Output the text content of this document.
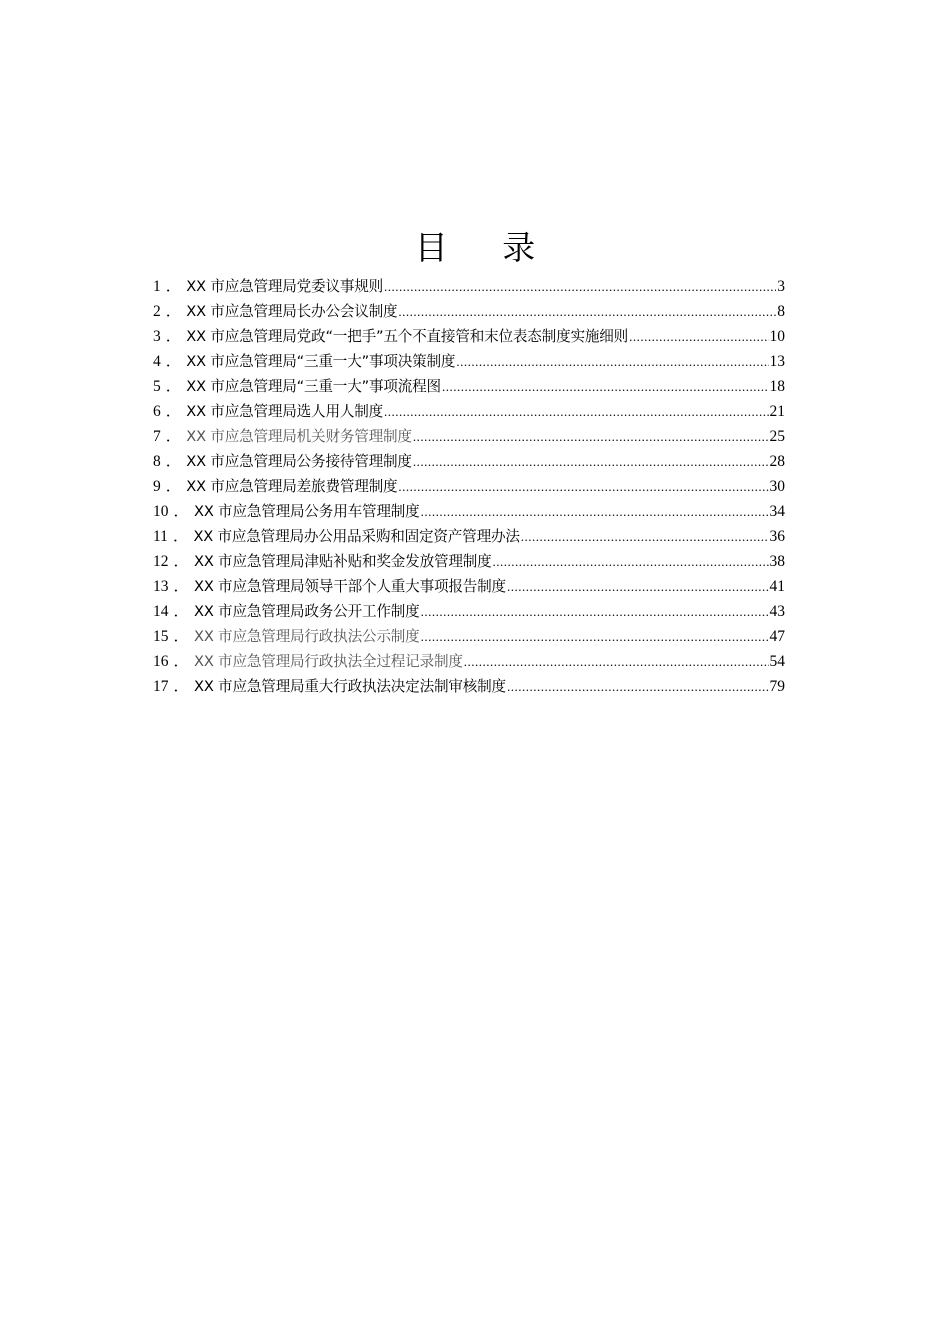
目 录
1 ． XX 市应急管理局党委议事规则 .....	3
2 ． XX 市应急管理局长办公会议制度 .....	8
3 ． XX 市应急管理局党政“一把手”五个不直接管和末位表态制度实施细则 .....	10
4 ． XX 市应急管理局“三重一大”事项决策制度 .....	13
5 ． XX 市应急管理局“三重一大”事项流程图 .....	18
6 ． XX 市应急管理局选人用人制度 .....	21
7 ． XX 市应急管理局机关财务管理制度 .....	25
8 ． XX 市应急管理局公务接待管理制度 .....	28
9 ． XX 市应急管理局差旅费管理制度 .....	30
10 ． XX 市应急管理局公务用车管理制度 .....	34
11 ． XX 市应急管理局办公用品采购和固定资产管理办法 .....	36
12 ． XX 市应急管理局津贴补贴和奖金发放管理制度 .....	38
13 ． XX 市应急管理局领导干部个人重大事项报告制度 .....	41
14 ． XX 市应急管理局政务公开工作制度 .....	43
15 ． XX 市应急管理局行政执法公示制度 .....	47
16 ． XX 市应急管理局行政执法全过程记录制度 .....	54
17 ． XX 市应急管理局重大行政执法决定法制审核制度 .....	79
